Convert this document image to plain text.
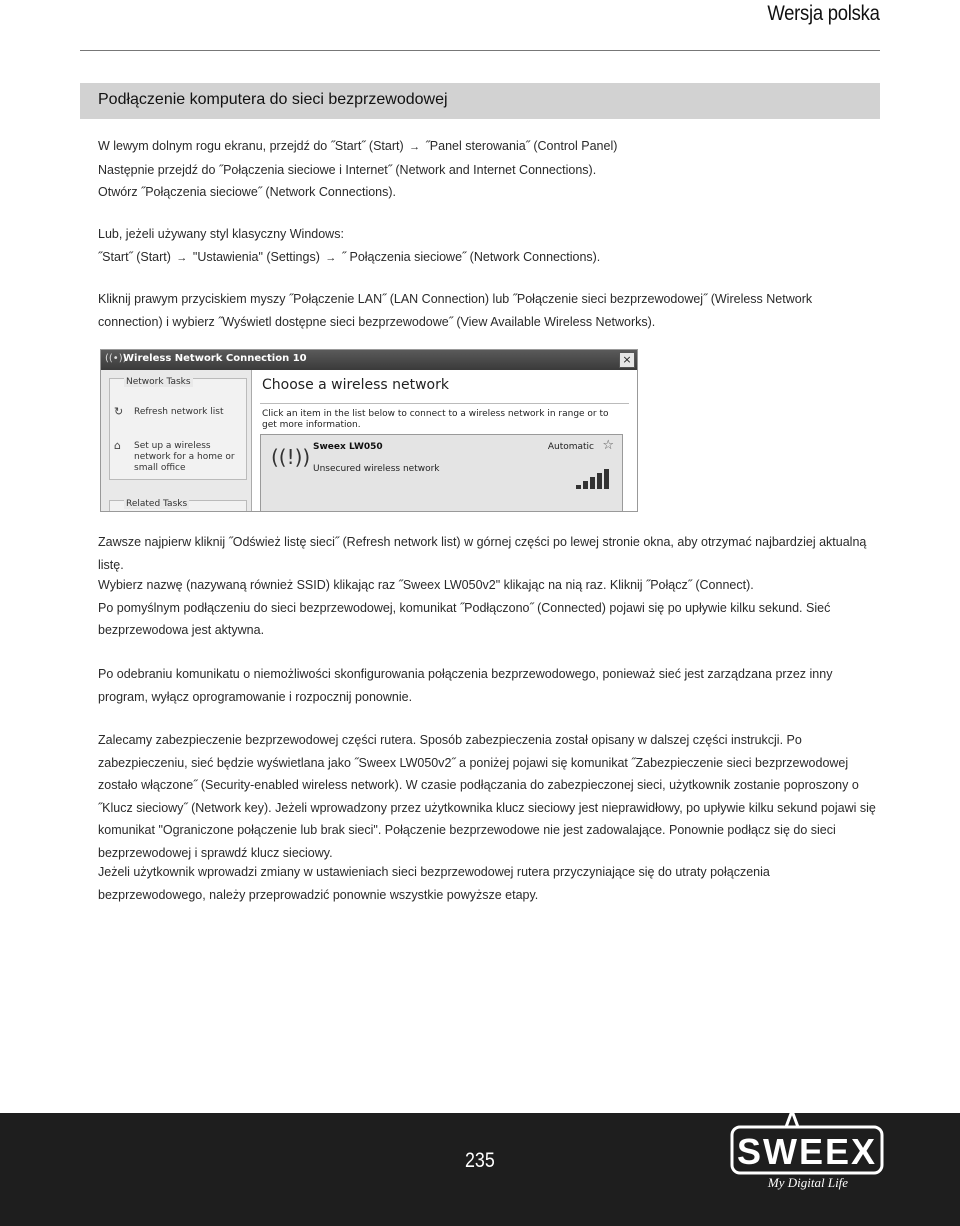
Wersja polska
Podłączenie komputera do sieci bezprzewodowej

W lewym dolnym rogu ekranu, przejdź do ˝Start˝ (Start) → ˝Panel sterowania˝ (Control Panel)

Następnie przejdź do ˝Połączenia sieciowe i Internet˝ (Network and Internet Connections).

Otwórz ˝Połączenia sieciowe˝ (Network Connections).

Lub, jeżeli używany styl klasyczny Windows:

˝Start˝ (Start) → "Ustawienia" (Settings) → ˝ Połączenia sieciowe˝ (Network Connections).

Kliknij prawym przyciskiem myszy ˝Połączenie LAN˝ (LAN Connection) lub ˝Połączenie sieci bezprzewodowej˝ (Wireless Network connection) i wybierz ˝Wyświetl dostępne sieci bezprzewodowe˝ (View Available Wireless Networks).

((•))
Wireless Network Connection 10	×
Network Tasks
↻ Refresh network list
⌂ Set up a wireless network for a home or small office
Related Tasks
Choose a wireless network
Click an item in the list below to connect to a wireless network in range or to get more information.
((!)) Sweex LW050
Unsecured wireless network
Automatic ☆

Zawsze najpierw kliknij ˝Odśwież listę sieci˝ (Refresh network list) w górnej części po lewej stronie okna, aby otrzymać najbardziej aktualną listę.

Wybierz nazwę (nazywaną również SSID) klikając raz ˝Sweex LW050v2" klikając na nią raz. Kliknij ˝Połącz˝ (Connect).

Po pomyślnym podłączeniu do sieci bezprzewodowej, komunikat ˝Podłączono˝ (Connected) pojawi się po upływie kilku sekund. Sieć bezprzewodowa jest aktywna.

Po odebraniu komunikatu o niemożliwości skonfigurowania połączenia bezprzewodowego, ponieważ sieć jest zarządzana przez inny program, wyłącz oprogramowanie i rozpocznij ponownie.

Zalecamy zabezpieczenie bezprzewodowej części rutera. Sposób zabezpieczenia został opisany w dalszej części instrukcji. Po zabezpieczeniu, sieć będzie wyświetlana jako ˝Sweex LW050v2˝ a poniżej pojawi się komunikat ˝Zabezpieczenie sieci bezprzewodowej zostało włączone˝ (Security-enabled wireless network). W czasie podłączania do zabezpieczonej sieci, użytkownik zostanie poproszony o ˝Klucz sieciowy˝ (Network key). Jeżeli wprowadzony przez użytkownika klucz sieciowy jest nieprawidłowy, po upływie kilku sekund pojawi się komunikat "Ograniczone połączenie lub brak sieci". Połączenie bezprzewodowe nie jest zadowalające. Ponownie podłącz się do sieci bezprzewodowej i sprawdź klucz sieciowy.

Jeżeli użytkownik wprowadzi zmiany w ustawieniach sieci bezprzewodowej rutera przyczyniające się do utraty połączenia bezprzewodowego, należy przeprowadzić ponownie wszystkie powyższe etapy.

235	SWEEX
My Digital Life
